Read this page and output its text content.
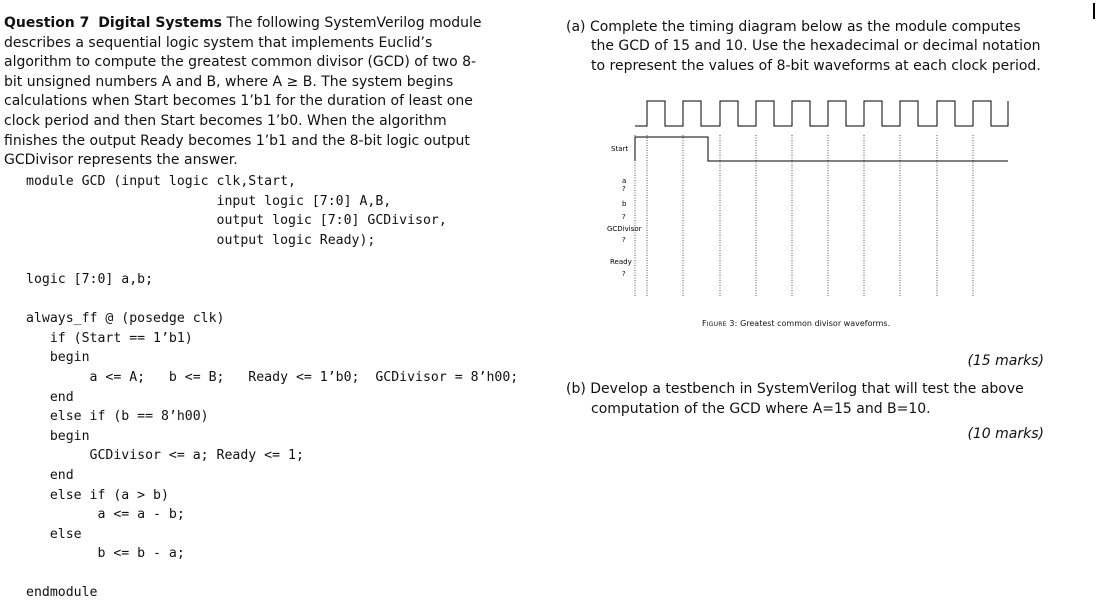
Question 7 Digital Systems The following SystemVerilog module describes a sequential logic system that implements Euclid’s algorithm to compute the greatest common divisor (GCD) of two 8-bit unsigned numbers A and B, where A ≥ B. The system begins calculations when Start becomes 1’b1 for the duration of least one clock period and then Start becomes 1’b0. When the algorithm finishes the output Ready becomes 1’b1 and the 8-bit logic output GCDivisor represents the answer.

module GCD (input logic clk,Start,
input logic [7:0] A,B,
output logic [7:0] GCDivisor,
output logic Ready);

logic [7:0] a,b;

always_ff @ (posedge clk)
if (Start == 1’b1)
begin
a <= A;   b <= B;   Ready <= 1’b0;  GCDivisor = 8’h00;
end
else if (b == 8’h00)
begin
GCDivisor <= a; Ready <= 1;
end
else if (a > b)
a <= a - b;
else
b <= b - a;

endmodule

(a) Complete the timing diagram below as the module computes the GCD of 15 and 10. Use the hexadecimal or decimal notation to represent the values of 8-bit waveforms at each clock period.

Start
a
?
b
?
GCDivisor
?
Ready
?
Figure 3: Greatest common divisor waveforms.
(15 marks)

(b) Develop a testbench in SystemVerilog that will test the above computation of the GCD where A=15 and B=10.

(10 marks)
